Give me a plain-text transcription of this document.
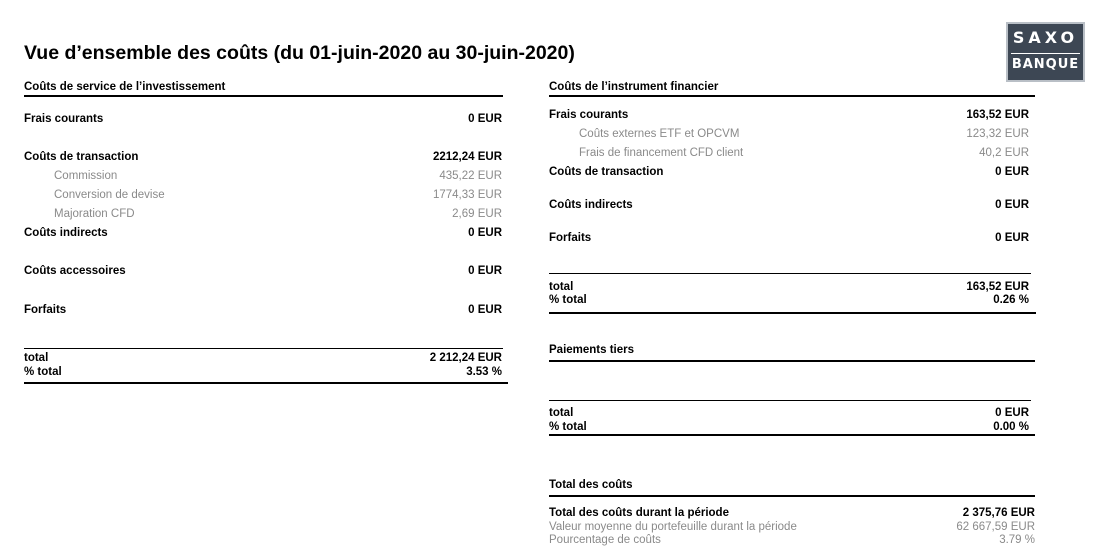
Vue d’ensemble des coûts (du 01-juin-2020 au 30-juin-2020)
SAXO
BANQUE
Coûts de service de l’investissement
Frais courants	0 EUR
Coûts de transaction	2212,24 EUR
Commission	435,22 EUR
Conversion de devise	1774,33 EUR
Majoration CFD	2,69 EUR
Coûts indirects	0 EUR
Coûts accessoires	0 EUR
Forfaits	0 EUR
total	2 212,24 EUR
% total	3.53 %
Coûts de l’instrument financier
Frais courants	163,52 EUR
Coûts externes ETF et OPCVM	123,32 EUR
Frais de financement CFD client	40,2 EUR
Coûts de transaction	0 EUR
Coûts indirects	0 EUR
Forfaits	0 EUR
total	163,52 EUR
% total	0.26 %
Paiements tiers
total	0 EUR
% total	0.00 %
Total des coûts
Total des coûts durant la période	2 375,76 EUR
Valeur moyenne du portefeuille durant la période	62 667,59 EUR
Pourcentage de coûts	3.79 %
